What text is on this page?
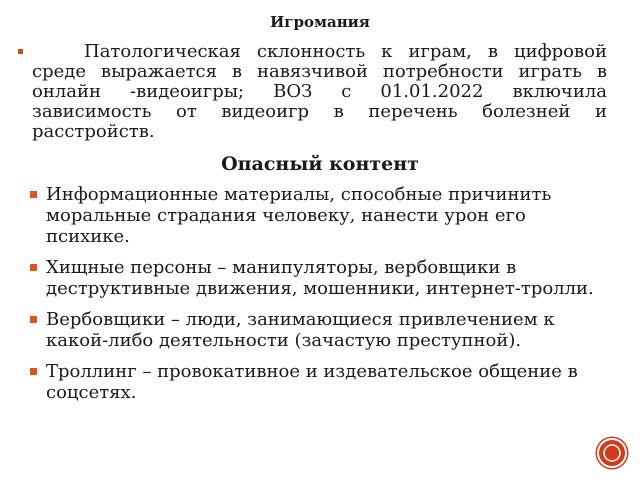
Игромания
Патологическая склонность к играм, в цифровой среде выражается в навязчивой потребности играть в онлайн -видеоигры; ВОЗ с 01.01.2022 включила зависимость от видеоигр в перечень болезней и расстройств.
Опасный контент
Информационные материалы, способные причинить моральные страдания человеку, нанести урон его психике.
Хищные персоны – манипуляторы, вербовщики в деструктивные движения, мошенники, интернет-тролли.
Вербовщики – люди, занимающиеся привлечением к какой-либо деятельности (зачастую преступной).
Троллинг – провокативное и издевательское общение в соцсетях.
